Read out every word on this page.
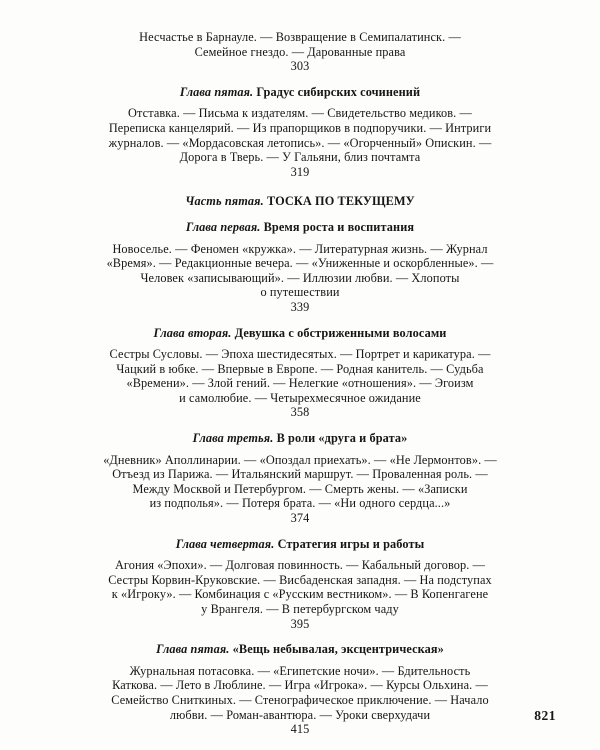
Несчастье в Барнауле. — Возвращение в Семипалатинск. —
Семейное гнездо. — Дарованные права
303
Глава пятая. Градус сибирских сочинений
Отставка. — Письма к издателям. — Свидетельство медиков. —
Переписка канцелярий. — Из прапорщиков в подпоручики. — Интриги
журналов. — «Мордасовская летопись». — «Огорченный» Опискин. —
Дорога в Тверь. — У Гальяни, близ почтамта
319
Часть пятая. ТОСКА ПО ТЕКУЩЕМУ
Глава первая. Время роста и воспитания
Новоселье. — Феномен «кружка». — Литературная жизнь. — Журнал
«Время». — Редакционные вечера. — «Униженные и оскорбленные». —
Человек «записывающий». — Иллюзии любви. — Хлопоты
о путешествии
339
Глава вторая. Девушка с обстриженными волосами
Сестры Сусловы. — Эпоха шестидесятых. — Портрет и карикатура. —
Чацкий в юбке. — Впервые в Европе. — Родная канитель. — Судьба
«Времени». — Злой гений. — Нелегкие «отношения». — Эгоизм
и самолюбие. — Четырехмесячное ожидание
358
Глава третья. В роли «друга и брата»
«Дневник» Аполлинарии. — «Опоздал приехать». — «Не Лермонтов». —
Отъезд из Парижа. — Итальянский маршрут. — Проваленная роль. —
Между Москвой и Петербургом. — Смерть жены. — «Записки
из подполья». — Потеря брата. — «Ни одного сердца...»
374
Глава четвертая. Стратегия игры и работы
Агония «Эпохи». — Долговая повинность. — Кабальный договор. —
Сестры Корвин-Круковские. — Висбаденская западня. — На подступах
к «Игроку». — Комбинация с «Русским вестником». — В Копенгагене
у Врангеля. — В петербургском чаду
395
Глава пятая. «Вещь небывалая, эксцентрическая»
Журнальная потасовка. — «Египетские ночи». — Бдительность
Каткова. — Лето в Люблине. — Игра «Игрока». — Курсы Ольхина. —
Семейство Сниткиных. — Стенографическое приключение. — Начало
любви. — Роман-авантюра. — Уроки сверхудачи
415
821
